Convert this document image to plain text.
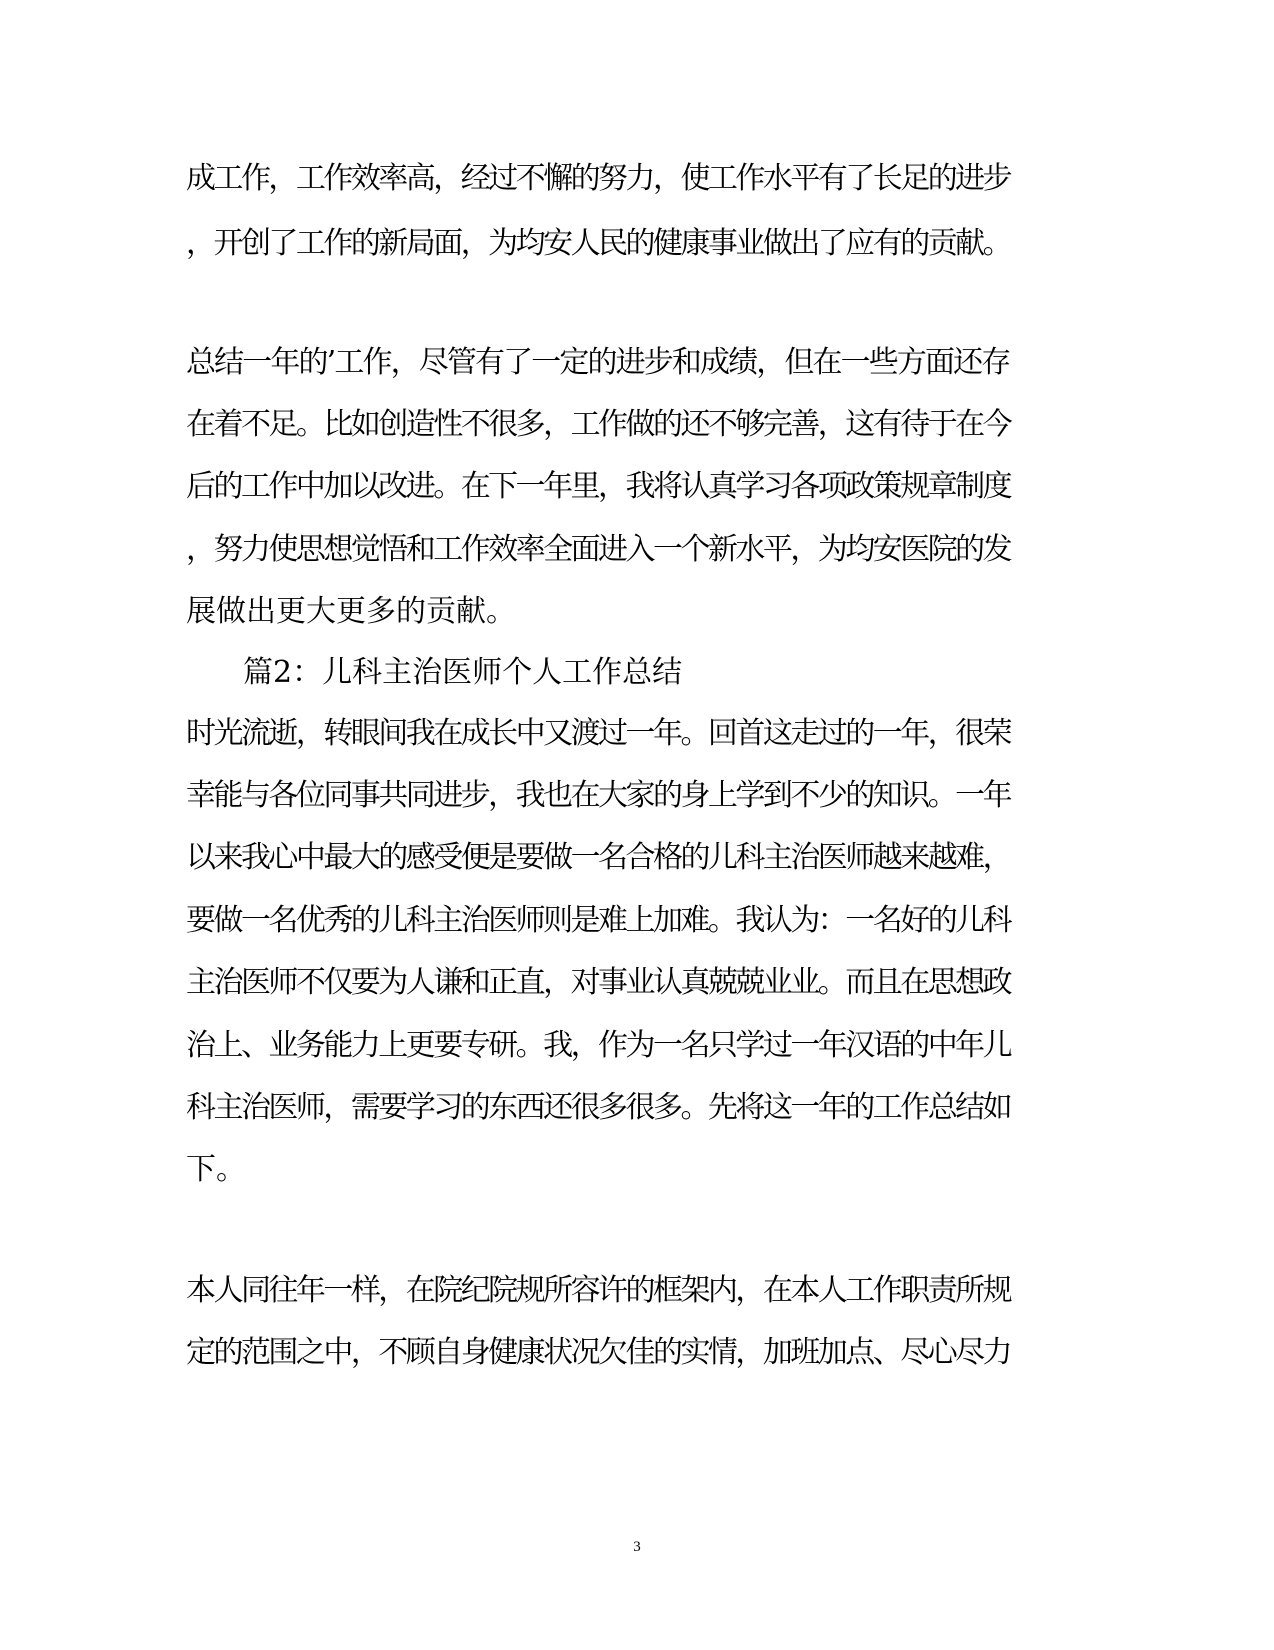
成工作，工作效率高，经过不懈的努力，使工作水平有了长足的进步
，开创了工作的新局面，为均安人民的健康事业做出了应有的贡献。
总结一年的’工作，尽管有了一定的进步和成绩，但在一些方面还存
在着不足。比如创造性不很多，工作做的还不够完善，这有待于在今
后的工作中加以改进。在下一年里，我将认真学习各项政策规章制度
，努力使思想觉悟和工作效率全面进入一个新水平，为均安医院的发
展做出更大更多的贡献。
篇2：儿科主治医师个人工作总结
时光流逝，转眼间我在成长中又渡过一年。回首这走过的一年，很荣
幸能与各位同事共同进步，我也在大家的身上学到不少的知识。一年
以来我心中最大的感受便是要做一名合格的儿科主治医师越来越难，
要做一名优秀的儿科主治医师则是难上加难。我认为：一名好的儿科
主治医师不仅要为人谦和正直，对事业认真兢兢业业。而且在思想政
治上、业务能力上更要专研。我，作为一名只学过一年汉语的中年儿
科主治医师，需要学习的东西还很多很多。先将这一年的工作总结如
下。
本人同往年一样，在院纪院规所容许的框架内，在本人工作职责所规
定的范围之中，不顾自身健康状况欠佳的实情，加班加点、尽心尽力
3
